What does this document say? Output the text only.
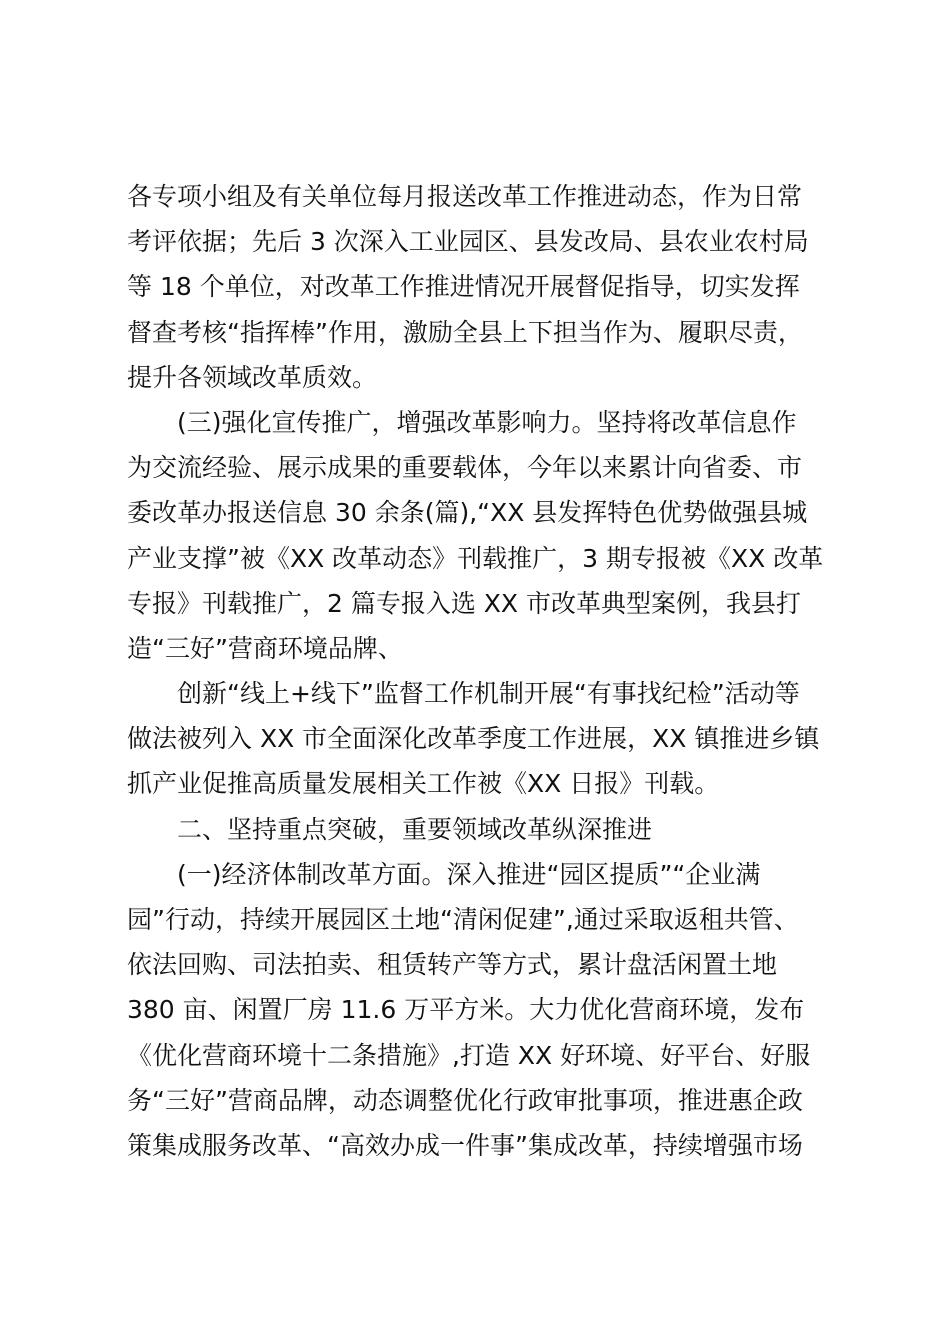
各专项小组及有关单位每月报送改革工作推进动态，作为日常
考评依据；先后 3 次深入工业园区、县发改局、县农业农村局
等 18 个单位，对改革工作推进情况开展督促指导，切实发挥
督查考核“指挥棒”作用，激励全县上下担当作为、履职尽责，
提升各领域改革质效。
(三)强化宣传推广，增强改革影响力。坚持将改革信息作
为交流经验、展示成果的重要载体，今年以来累计向省委、市
委改革办报送信息 30 余条(篇),“XX 县发挥特色优势做强县城
产业支撑”被《XX 改革动态》刊载推广，3 期专报被《XX 改革
专报》刊载推广，2 篇专报入选 XX 市改革典型案例，我县打
造“三好”营商环境品牌、
创新“线上+线下”监督工作机制开展“有事找纪检”活动等
做法被列入 XX 市全面深化改革季度工作进展，XX 镇推进乡镇
抓产业促推高质量发展相关工作被《XX 日报》刊载。
二、坚持重点突破，重要领域改革纵深推进
(一)经济体制改革方面。深入推进“园区提质”“企业满
园”行动，持续开展园区土地“清闲促建”,通过采取返租共管、
依法回购、司法拍卖、租赁转产等方式，累计盘活闲置土地
380 亩、闲置厂房 11.6 万平方米。大力优化营商环境，发布
《优化营商环境十二条措施》,打造 XX 好环境、好平台、好服
务“三好”营商品牌，动态调整优化行政审批事项，推进惠企政
策集成服务改革、“高效办成一件事”集成改革，持续增强市场
